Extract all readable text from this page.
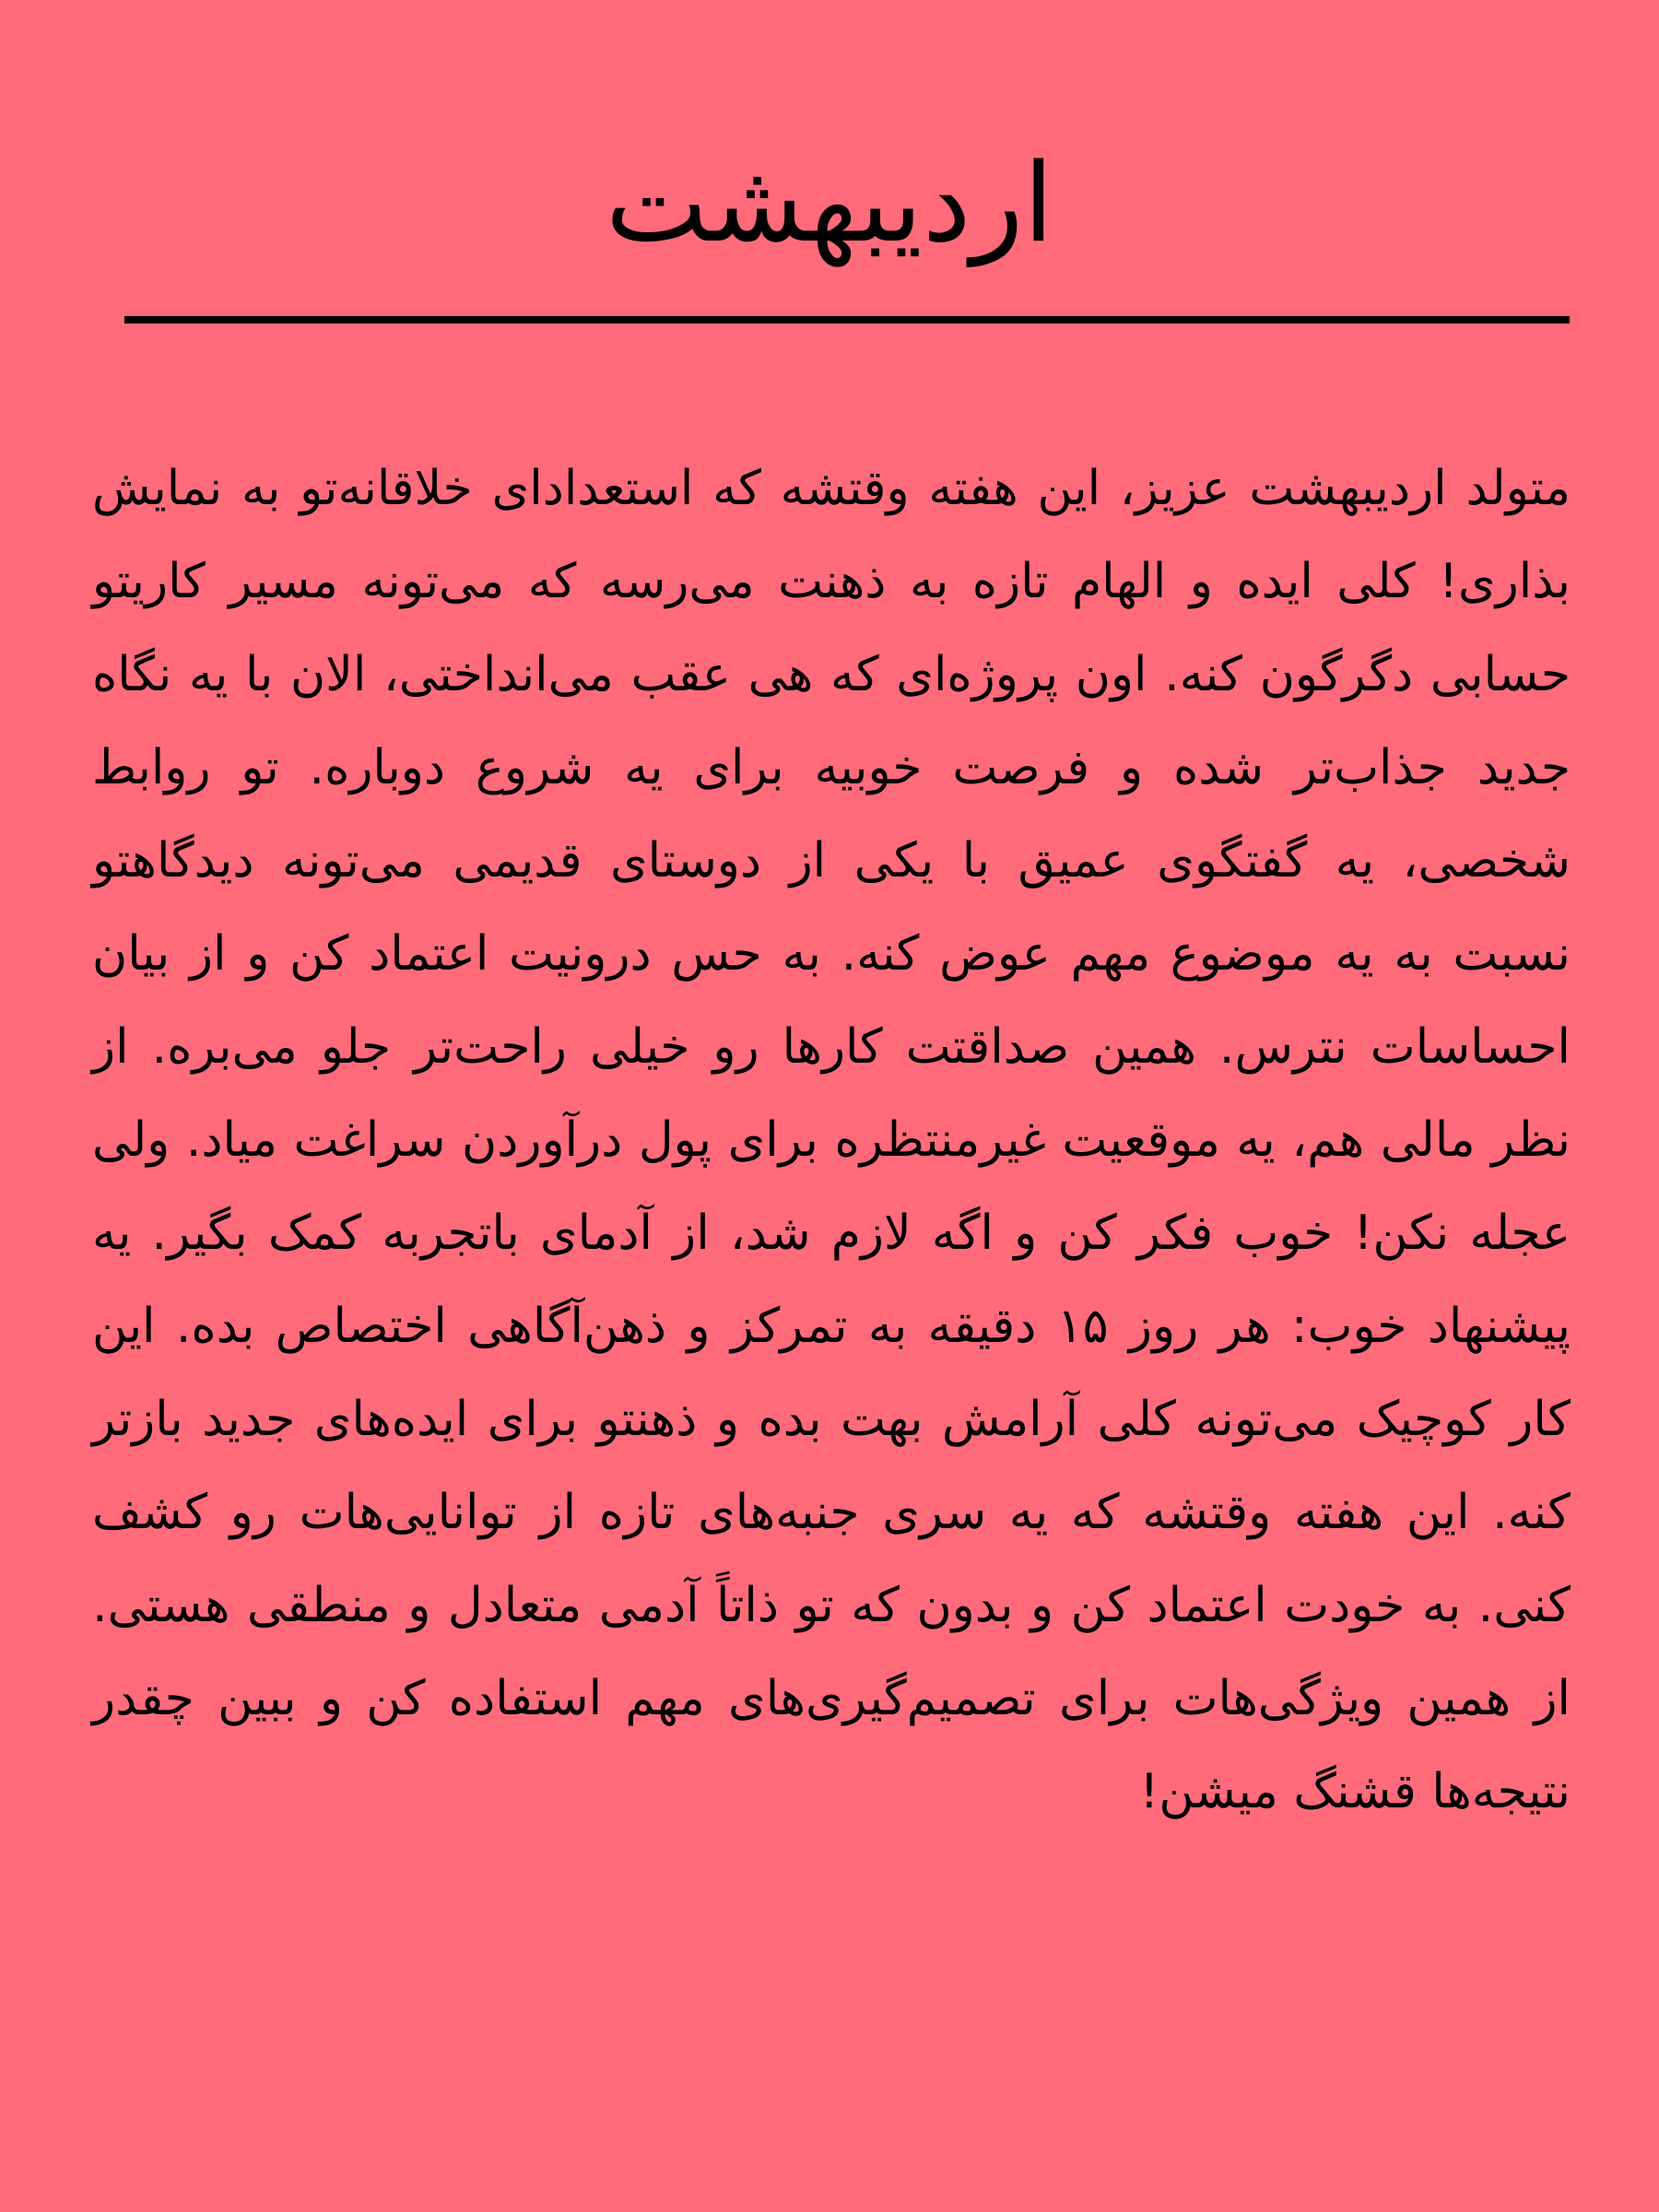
اردیبهشت

متولد اردیبهشت عزیز، این هفته وقتشه که استعدادای خلاقانه‌تو به نمایش بذاری! کلی ایده و الهام تازه به ذهنت می‌رسه که می‌تونه مسیر کاریتو حسابی دگرگون کنه. اون پروژه‌ای که هی عقب می‌انداختی، الان با یه نگاه جدید جذاب‌تر شده و فرصت خوبیه برای یه شروع دوباره. تو روابط شخصی، یه گفتگوی عمیق با یکی از دوستای قدیمی می‌تونه دیدگاهتو نسبت به یه موضوع مهم عوض کنه. به حس درونیت اعتماد کن و از بیان احساسات نترس. همین صداقتت کارها رو خیلی راحت‌تر جلو می‌بره. از نظر مالی هم، یه موقعیت غیرمنتظره برای پول درآوردن سراغت میاد. ولی عجله نکن! خوب فکر کن و اگه لازم شد، از آدمای باتجربه کمک بگیر. یه پیشنهاد خوب: هر روز ۱۵ دقیقه به تمرکز و ذهن‌آگاهی اختصاص بده. این کار کوچیک می‌تونه کلی آرامش بهت بده و ذهنتو برای ایده‌های جدید بازتر کنه. این هفته وقتشه که یه سری جنبه‌های تازه از توانایی‌هات رو کشف کنی. به خودت اعتماد کن و بدون که تو ذاتاً آدمی متعادل و منطقی هستی. از همین ویژگی‌هات برای تصمیم‌گیری‌های مهم استفاده کن و ببین چقدر نتیجه‌ها قشنگ میشن!
